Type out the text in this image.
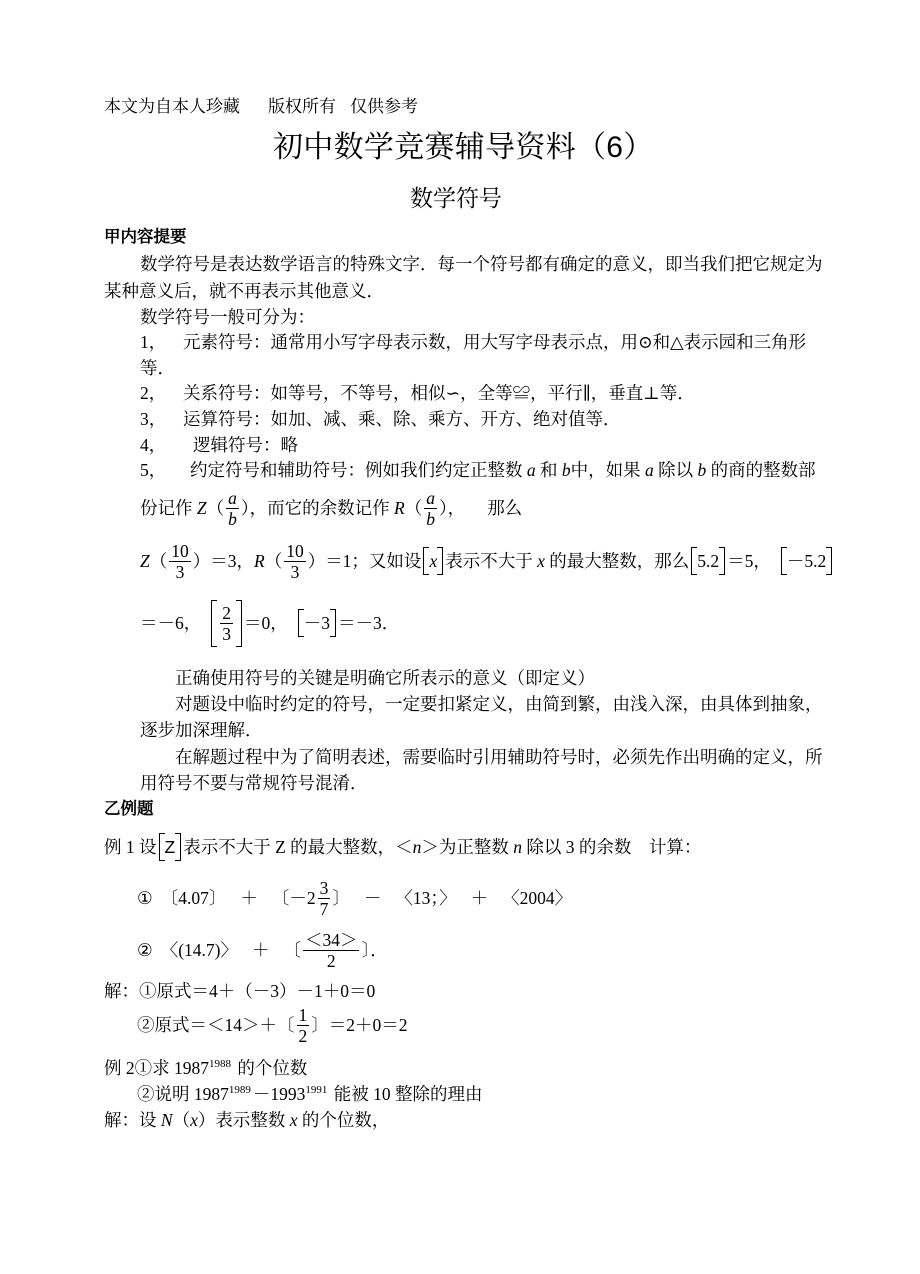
本文为自本人珍藏 版权所有 仅供参考
初中数学竞赛辅导资料（6）
数学符号
甲内容提要
数学符号是表达数学语言的特殊文字．每一个符号都有确定的意义，即当我们把它规定为
某种意义后，就不再表示其他意义．
数学符号一般可分为：
1， 元素符号：通常用小写字母表示数，用大写字母表示点，用⊙和△表示园和三角形
等．
2， 关系符号：如等号，不等号，相似∽，全等≌，平行∥，垂直⊥等．
3， 运算符号：如加、减、乘、除、乘方、开方、绝对值等．
4， 逻辑符号：略
5， 约定符号和辅助符号：例如我们约定正整数 a 和 b中，如果 a 除以 b 的商的整数部
份记作
Z （ $\frac{a}{b}$ ），而它的余数记作
R （ $\frac{a}{b}$ ）， 那么
Z （ $\frac{10}{3} )=3$， R （ $\frac{10}{3} )=1$；又如设 x 表示不大于
x
的最大整数，那么 5.2 ＝5， －5.2
＝－6， $\frac{2}{3} =0$， －3 ＝－3．
正确使用符号的关键是明确它所表示的意义（即定义）
对题设中临时约定的符号，一定要扣紧定义，由简到繁，由浅入深，由具体到抽象，
逐步加深理解．
在解题过程中为了简明表述，需要临时引用辅助符号时，必须先作出明确的定义，所
用符号不要与常规符号混淆．
乙例题
例 1 设 Z 表示不大于 Z 的最大整数，＜ n ＞为正整数
n
除以 3 的余数　计算：
① 〔4.07〕 ＋ 〔$-2 \frac{3}{7}$ 〕 － 〈13；〉 ＋ 〈2004〉
② 〈(14.7)〉 ＋ 〔 $\frac{<34>}{2}$ 〕．
解：①原式＝4＋（－3）－1＋0＝0
②原式＝＜14＞＋〔 $\frac{1}{2}$ 〕＝2＋0＝2
例 2①求 $1987^{1988}$ 的个位数
②说明 $1987^{1989} -1993^{1991}$ 能被 10 整除的理由
解：设 N（x）表示整数 x 的个位数，
